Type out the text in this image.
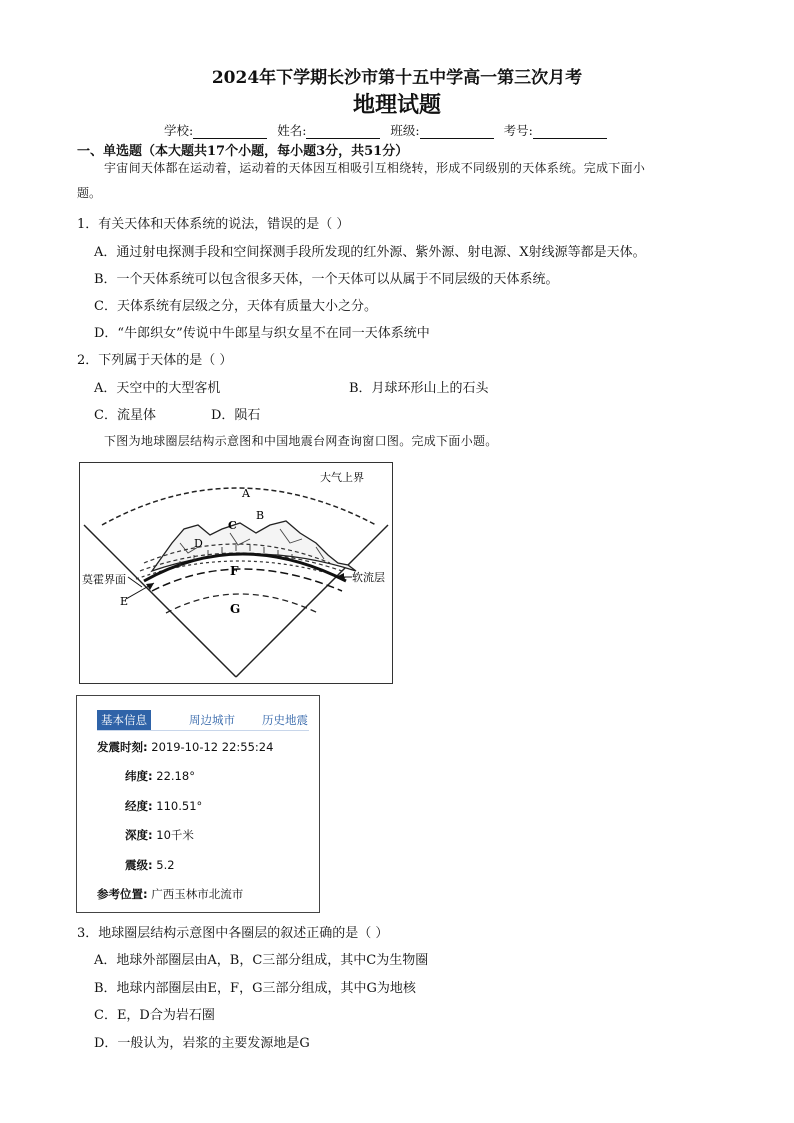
2024年下学期长沙市第十五中学高一第三次月考
地理试题
学校:	姓名:	班级:	考号:
一、单选题（本大题共17个小题，每小题3分，共51分）
宇宙间天体都在运动着，运动着的天体因互相吸引互相绕转，形成不同级别的天体系统。完成下面小
题。
1．有关天体和天体系统的说法，错误的是（ ）
A．通过射电探测手段和空间探测手段所发现的红外源、紫外源、射电源、X射线源等都是天体。
B．一个天体系统可以包含很多天体，一个天体可以从属于不同层级的天体系统。
C．天体系统有层级之分，天体有质量大小之分。
D．“牛郎织女”传说中牛郎星与织女星不在同一天体系统中
2．下列属于天体的是（ ）
A．天空中的大型客机	B．月球环形山上的石头
C．流星体	D．陨石
下图为地球圈层结构示意图和中国地震台网查询窗口图。完成下面小题。
大气上界
A
B
C
D
E
F
G
莫霍界面	软流层
基本信息	周边城市 历史地震
发震时刻: 2019-10-12 22:55:24
纬度: 22.18°
经度: 110.51°
深度: 10千米
震级: 5.2
参考位置: 广西玉林市北流市
3．地球圈层结构示意图中各圈层的叙述正确的是（ ）
A．地球外部圈层由A，B，C三部分组成，其中C为生物圈
B．地球内部圈层由E，F，G三部分组成，其中G为地核
C．E，D合为岩石圈
D．一般认为，岩浆的主要发源地是G
